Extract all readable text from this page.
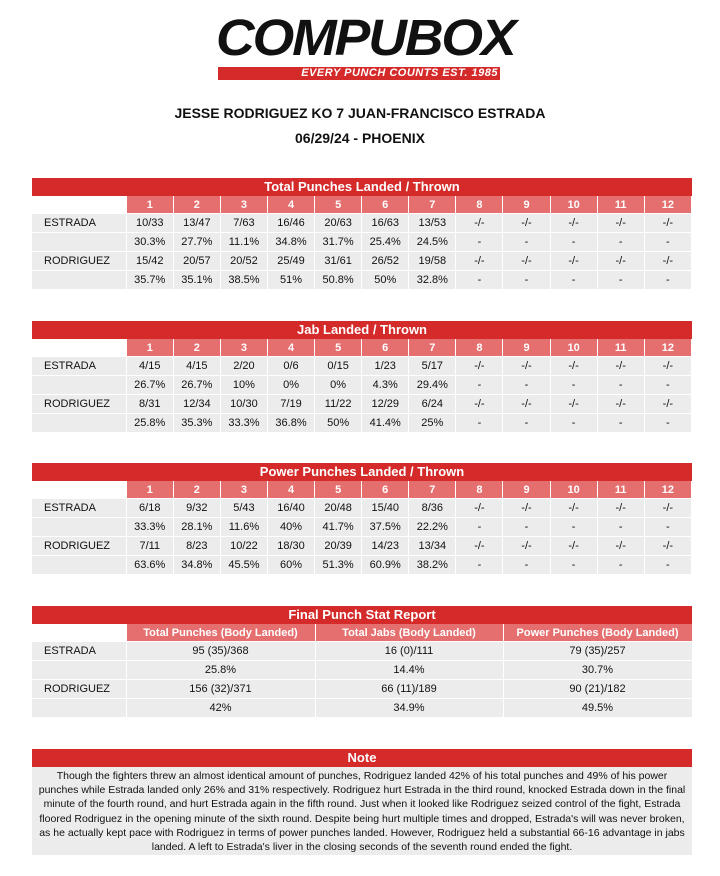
COMPUBOX
EVERY PUNCH COUNTS EST. 1985
JESSE RODRIGUEZ KO 7 JUAN-FRANCISCO ESTRADA
06/29/24 - PHOENIX
Total Punches Landed / Thrown
	1	2	3	4	5	6	7	8	9	10	11	12
ESTRADA	10/33	13/47	7/63	16/46	20/63	16/63	13/53	-/-	-/-	-/-	-/-	-/-
	30.3%	27.7%	11.1%	34.8%	31.7%	25.4%	24.5%	-	-	-	-	-
RODRIGUEZ	15/42	20/57	20/52	25/49	31/61	26/52	19/58	-/-	-/-	-/-	-/-	-/-
	35.7%	35.1%	38.5%	51%	50.8%	50%	32.8%	-	-	-	-	-
Jab Landed / Thrown
	1	2	3	4	5	6	7	8	9	10	11	12
ESTRADA	4/15	4/15	2/20	0/6	0/15	1/23	5/17	-/-	-/-	-/-	-/-	-/-
	26.7%	26.7%	10%	0%	0%	4.3%	29.4%	-	-	-	-	-
RODRIGUEZ	8/31	12/34	10/30	7/19	11/22	12/29	6/24	-/-	-/-	-/-	-/-	-/-
	25.8%	35.3%	33.3%	36.8%	50%	41.4%	25%	-	-	-	-	-
Power Punches Landed / Thrown
	1	2	3	4	5	6	7	8	9	10	11	12
ESTRADA	6/18	9/32	5/43	16/40	20/48	15/40	8/36	-/-	-/-	-/-	-/-	-/-
	33.3%	28.1%	11.6%	40%	41.7%	37.5%	22.2%	-	-	-	-	-
RODRIGUEZ	7/11	8/23	10/22	18/30	20/39	14/23	13/34	-/-	-/-	-/-	-/-	-/-
	63.6%	34.8%	45.5%	60%	51.3%	60.9%	38.2%	-	-	-	-	-
Final Punch Stat Report
	Total Punches (Body Landed)	Total Jabs (Body Landed)	Power Punches (Body Landed)
ESTRADA	95 (35)/368	16 (0)/111	79 (35)/257
	25.8%	14.4%	30.7%
RODRIGUEZ	156 (32)/371	66 (11)/189	90 (21)/182
	42%	34.9%	49.5%
Note
Though the fighters threw an almost identical amount of punches, Rodriguez landed 42% of his total punches and 49% of his power punches while Estrada landed only 26% and 31% respectively. Rodriguez hurt Estrada in the third round, knocked Estrada down in the final minute of the fourth round, and hurt Estrada again in the fifth round. Just when it looked like Rodriguez seized control of the fight, Estrada floored Rodriguez in the opening minute of the sixth round. Despite being hurt multiple times and dropped, Estrada's will was never broken, as he actually kept pace with Rodriguez in terms of power punches landed. However, Rodriguez held a substantial 66-16 advantage in jabs landed. A left to Estrada's liver in the closing seconds of the seventh round ended the fight.
